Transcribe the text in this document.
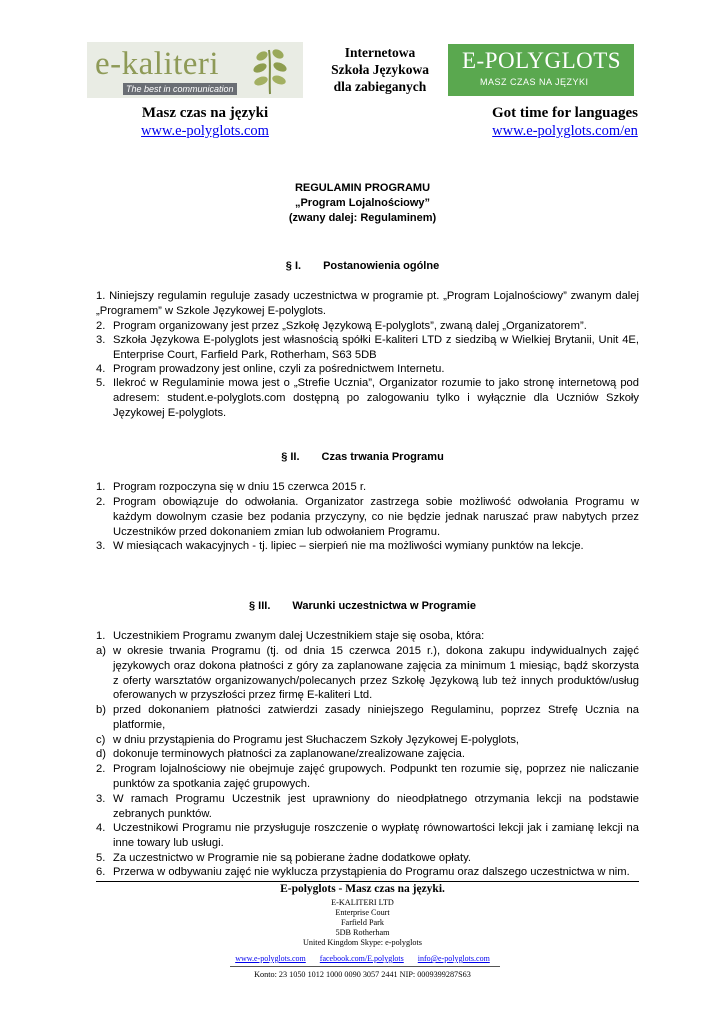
e-kaliteri
The best in communication
Internetowa
Szkoła Językowa
dla zabieganych
E-POLYGLOTS
MASZ CZAS NA JĘZYKI
Masz czas na języki
www.e-polyglots.com
Got time for languages
www.e-polyglots.com/en
REGULAMIN PROGRAMU
„Program Lojalnościowy”
(zwany dalej: Regulaminem)
§ I. Postanowienia ogólne
1. Niniejszy regulamin reguluje zasady uczestnictwa w programie pt. „Program Lojalnościowy” zwanym dalej „Programem” w Szkole Językowej E-polyglots.
2. Program organizowany jest przez „Szkołę Językową E-polyglots”, zwaną dalej „Organizatorem”.
3. Szkoła Językowa E-polyglots jest własnością spółki E-kaliteri LTD z siedzibą w Wielkiej Brytanii, Unit 4E, Enterprise Court, Farfield Park, Rotherham, S63 5DB
4. Program prowadzony jest online, czyli za pośrednictwem Internetu.
5. Ilekroć w Regulaminie mowa jest o „Strefie Ucznia”, Organizator rozumie to jako stronę internetową pod adresem: student.e-polyglots.com dostępną po zalogowaniu tylko i wyłącznie dla Uczniów Szkoły Językowej E-polyglots.
§ II. Czas trwania Programu
1. Program rozpoczyna się w dniu 15 czerwca 2015 r.
2. Program obowiązuje do odwołania. Organizator zastrzega sobie możliwość odwołania Programu w każdym dowolnym czasie bez podania przyczyny, co nie będzie jednak naruszać praw nabytych przez Uczestników przed dokonaniem zmian lub odwołaniem Programu.
3. W miesiącach wakacyjnych - tj. lipiec – sierpień nie ma możliwości wymiany punktów na lekcje.
§ III. Warunki uczestnictwa w Programie
1. Uczestnikiem Programu zwanym dalej Uczestnikiem staje się osoba, która:
a) w okresie trwania Programu (tj. od dnia 15 czerwca 2015 r.), dokona zakupu indywidualnych zajęć językowych oraz dokona płatności z góry za zaplanowane zajęcia za minimum 1 miesiąc, bądź skorzysta z oferty warsztatów organizowanych/polecanych przez Szkołę Językową lub też innych produktów/usług oferowanych w przyszłości przez firmę E-kaliteri Ltd.
b) przed dokonaniem płatności zatwierdzi zasady niniejszego Regulaminu, poprzez Strefę Ucznia na platformie,
c) w dniu przystąpienia do Programu jest Słuchaczem Szkoły Językowej E-polyglots,
d) dokonuje terminowych płatności za zaplanowane/zrealizowane zajęcia.
2. Program lojalnościowy nie obejmuje zajęć grupowych. Podpunkt ten rozumie się, poprzez nie naliczanie punktów za spotkania zajęć grupowych.
3. W ramach Programu Uczestnik jest uprawniony do nieodpłatnego otrzymania lekcji na podstawie zebranych punktów.
4. Uczestnikowi Programu nie przysługuje roszczenie o wypłatę równowartości lekcji jak i zamianę lekcji na inne towary lub usługi.
5. Za uczestnictwo w Programie nie są pobierane żadne dodatkowe opłaty.
6. Przerwa w odbywaniu zajęć nie wyklucza przystąpienia do Programu oraz dalszego uczestnictwa w nim.
E-polyglots - Masz czas na języki.
E-KALITERI LTD
Enterprise Court
Farfield Park
5DB Rotherham
United Kingdom Skype: e-polyglots
www.e-polyglots.com facebook.com/E.polyglots info@e-polyglots.com
Konto: 23 1050 1012 1000 0090 3057 2441 NIP: 0009399287S63
